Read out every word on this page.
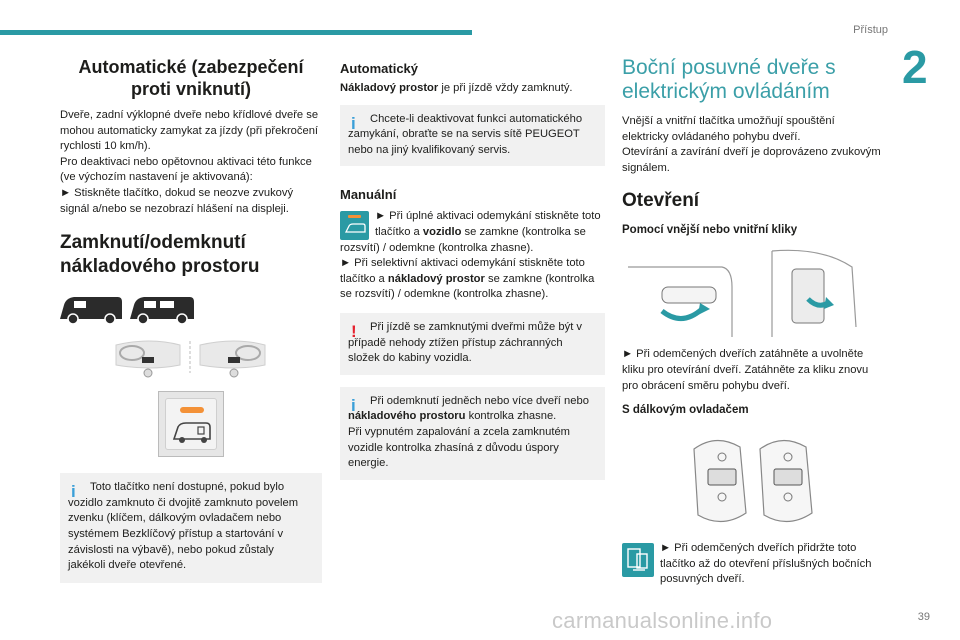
Přístup
2
Automatické (zabezpečení
proti vniknutí)

Dveře, zadní výklopné dveře nebo křídlové dveře se mohou automaticky zamykat za jízdy (při překročení rychlosti 10 km/h).

Pro deaktivaci nebo opětovnou aktivaci této funkce (ve výchozím nastavení je aktivovaná):

► Stiskněte tlačítko, dokud se neozve zvukový signál a/nebo se nezobrazí hlášení na displeji.

Zamknutí/odemknutí nákladového prostoru
i	Toto tlačítko není dostupné, pokud bylo vozidlo zamknuto či dvojitě zamknuto povelem zvenku (klíčem, dálkovým ovladačem nebo systémem Bezklíčový přístup a startování v závislosti na výbavě), nebo pokud zůstaly jakékoli dveře otevřené.

Automatický

Nákladový prostor je při jízdě vždy zamknutý.

i	Chcete-li deaktivovat funkci automatického zamykání, obraťte se na servis sítě PEUGEOT nebo na jiný kvalifikovaný servis.

Manuální

► Při úplné aktivaci odemykání stiskněte toto tlačítko a vozidlo se zamkne (kontrolka se rozsvítí) / odemkne (kontrolka zhasne).

► Při selektivní aktivaci odemykání stiskněte toto tlačítko a nákladový prostor se zamkne (kontrolka se rozsvítí) / odemkne (kontrolka zhasne).

!	Při jízdě se zamknutými dveřmi může být v případě nehody ztížen přístup záchranných složek do kabiny vozidla.

i	Při odemknutí jedněch nebo více dveří nebo nákladového prostoru kontrolka zhasne.

Při vypnutém zapalování a zcela zamknutém vozidle kontrolka zhasíná z důvodu úspory energie.

Boční posuvné dveře s elektrickým ovládáním

Vnější a vnitřní tlačítka umožňují spouštění elektricky ovládaného pohybu dveří.

Otevírání a zavírání dveří je doprovázeno zvukovým signálem.

Otevření
Pomocí vnější nebo vnitřní kliky

► Při odemčených dveřích zatáhněte a uvolněte kliku pro otevírání dveří. Zatáhněte za kliku znovu pro obrácení směru pohybu dveří.

S dálkovým ovladačem

► Při odemčených dveřích přidržte toto tlačítko až do otevření příslušných bočních posuvných dveří.

carmanualsonline.info	39
